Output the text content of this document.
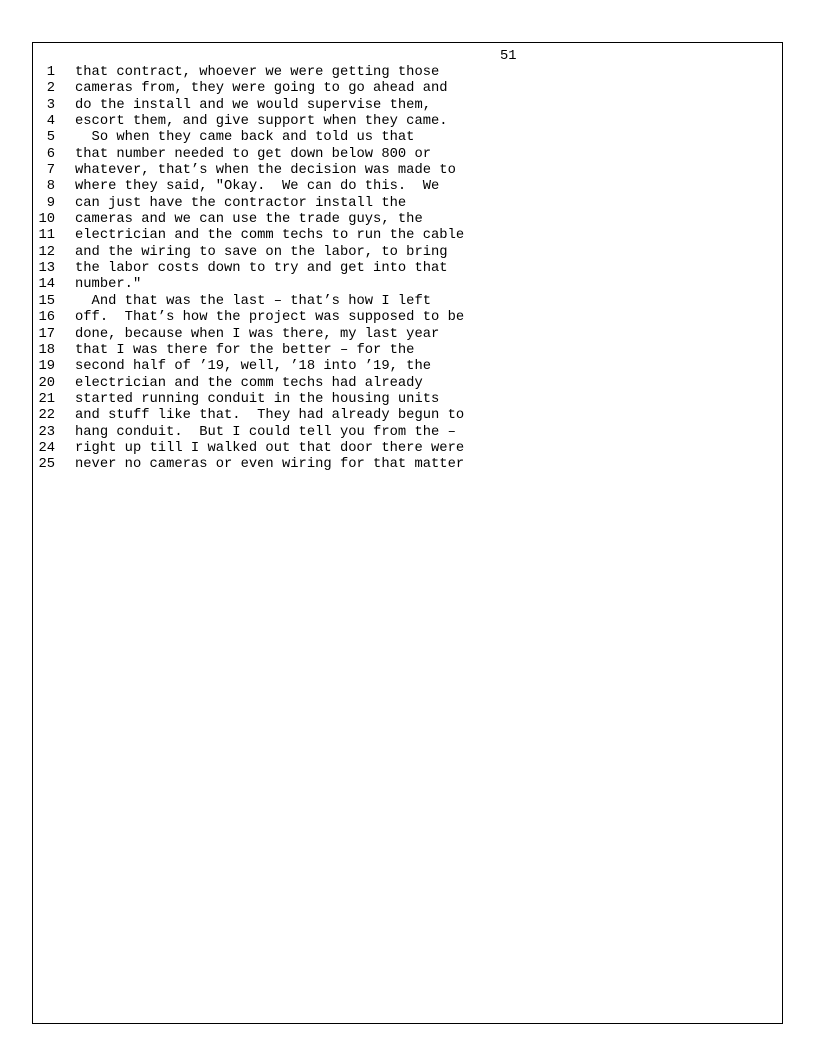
51
1 that contract, whoever we were getting those
2 cameras from, they were going to go ahead and
3 do the install and we would supervise them,
4 escort them, and give support when they came.
5 So when they came back and told us that
6 that number needed to get down below 800 or
7 whatever, that’s when the decision was made to
8 where they said, "Okay.  We can do this.  We
9 can just have the contractor install the
10 cameras and we can use the trade guys, the
11 electrician and the comm techs to run the cable
12 and the wiring to save on the labor, to bring
13 the labor costs down to try and get into that
14 number."
15 And that was the last – that’s how I left
16 off.  That’s how the project was supposed to be
17 done, because when I was there, my last year
18 that I was there for the better – for the
19 second half of ’19, well, ’18 into ’19, the
20 electrician and the comm techs had already
21 started running conduit in the housing units
22 and stuff like that.  They had already begun to
23 hang conduit.  But I could tell you from the –
24 right up till I walked out that door there were
25 never no cameras or even wiring for that matter
